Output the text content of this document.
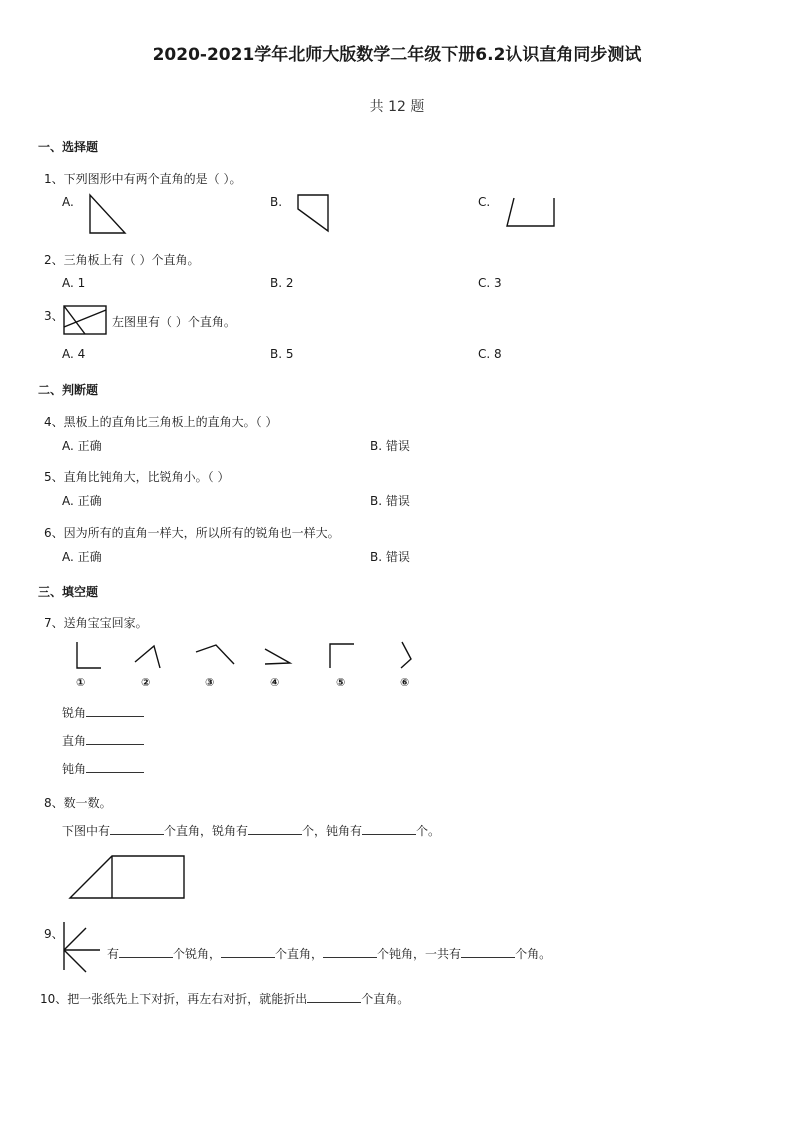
2020-2021学年北师大版数学二年级下册6.2认识直角同步测试
共 12 题
一、选择题
1、下列图形中有两个直角的是（ ）。
A.	B.	C.
2、三角板上有（ ）个直角。
A. 1	B. 2	C. 3
3、	左图里有（ ）个直角。
A. 4	B. 5	C. 8
二、判断题
4、黑板上的直角比三角板上的直角大。（ ）
A. 正确	B. 错误
5、直角比钝角大，比锐角小。（ ）
A. 正确	B. 错误
6、因为所有的直角一样大，所以所有的锐角也一样大。
A. 正确	B. 错误
三、填空题
7、送角宝宝回家。
①	②	③	④	⑤	⑥
锐角
直角
钝角
8、数一数。
下图中有	个直角，锐角有	个，钝角有	个。
9、
有	个锐角，	个直角，	个钝角，一共有	个角。
10、把一张纸先上下对折，再左右对折，就能折出	个直角。
